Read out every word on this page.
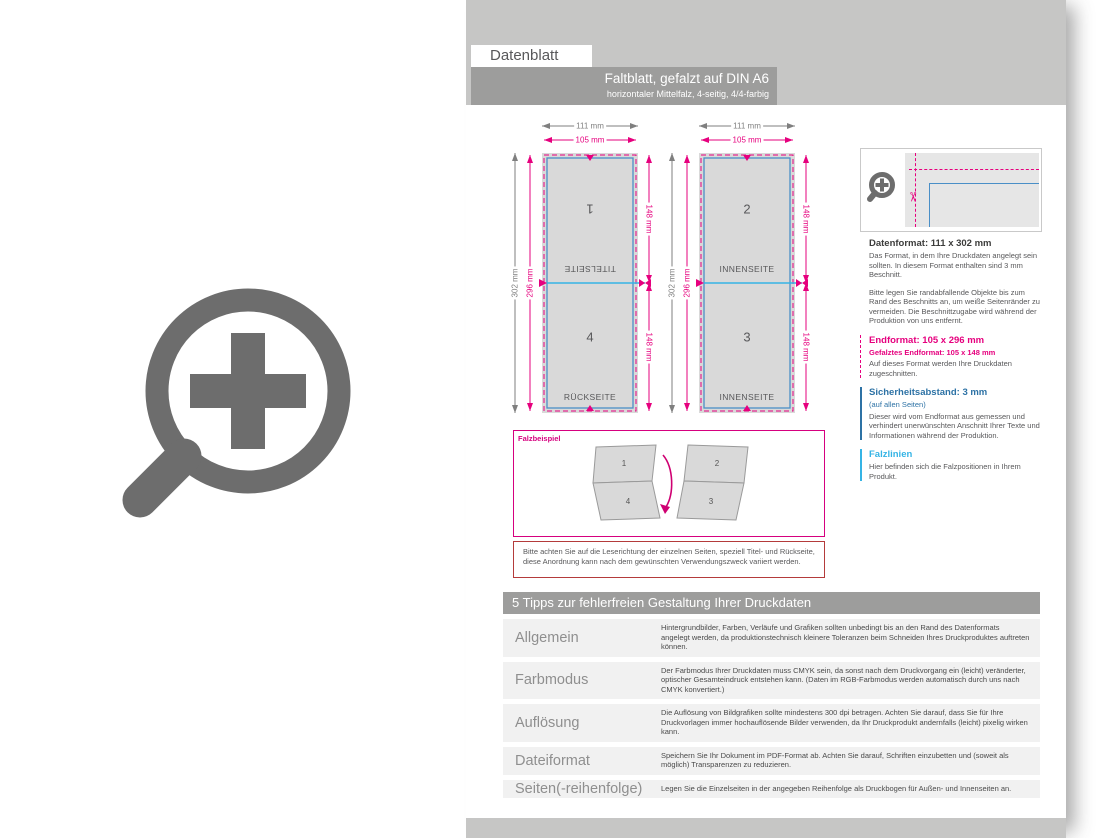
Datenblatt
Faltblatt, gefalzt auf DIN A6
horizontaler Mittelfalz, 4-seitig, 4/4-farbig
111 mm
105 mm
302 mm 296 mm
148 mm
148 mm
111 mm
105 mm
302 mm 296 mm
148 mm
148 mm
1
TITELSEITE
4
RÜCKSEITE
2
INNENSEITE
3
INNENSEITE
Falzbeispiel
1
4
2
3
Bitte achten Sie auf die Leserichtung der einzelnen Seiten, speziell Titel- und Rückseite, diese Anordnung kann nach dem gewünschten Verwendungszweck variiert werden.
✂

Datenformat: 111 x 302 mm

Das Format, in dem Ihre Druckdaten angelegt sein sollten. In diesem Format enthalten sind 3 mm Beschnitt.

Bitte legen Sie randabfallende Objekte bis zum Rand des Beschnitts an, um weiße Seitenränder zu vermeiden. Die Beschnittzugabe wird während der Produktion von uns entfernt.

Endformat: 105 x 296 mm

Gefalztes Endformat: 105 x 148 mm

Auf dieses Format werden Ihre Druckdaten zugeschnitten.

Sicherheitsabstand: 3 mm

(auf allen Seiten)

Dieser wird vom Endformat aus gemessen und verhindert unerwünschten Anschnitt Ihrer Texte und Informationen während der Produktion.

Falzlinien

Hier befinden sich die Falzpositionen in Ihrem Produkt.

5 Tipps zur fehlerfreien Gestaltung Ihrer Druckdaten
Allgemein
Hintergrundbilder, Farben, Verläufe und Grafiken sollten unbedingt bis an den Rand des Datenformats angelegt werden, da produktionstechnisch kleinere Toleranzen beim Schneiden Ihres Druckproduktes auftreten können.
Farbmodus
Der Farbmodus Ihrer Druckdaten muss CMYK sein, da sonst nach dem Druckvorgang ein (leicht) veränderter, optischer Gesamteindruck entstehen kann. (Daten im RGB-Farbmodus werden automatisch durch uns nach CMYK konvertiert.)
Auflösung
Die Auflösung von Bildgrafiken sollte mindestens 300 dpi betragen. Achten Sie darauf, dass Sie für Ihre Druckvorlagen immer hochauflösende Bilder verwenden, da Ihr Druckprodukt andernfalls (leicht) pixelig wirken kann.
Dateiformat	Speichern Sie Ihr Dokument im PDF-Format ab. Achten Sie darauf, Schriften einzubetten und (soweit als möglich) Transparenzen zu reduzieren.
Seiten(-reihenfolge)	Legen Sie die Einzelseiten in der angegeben Reihenfolge als Druckbogen für Außen- und Innenseiten an.
